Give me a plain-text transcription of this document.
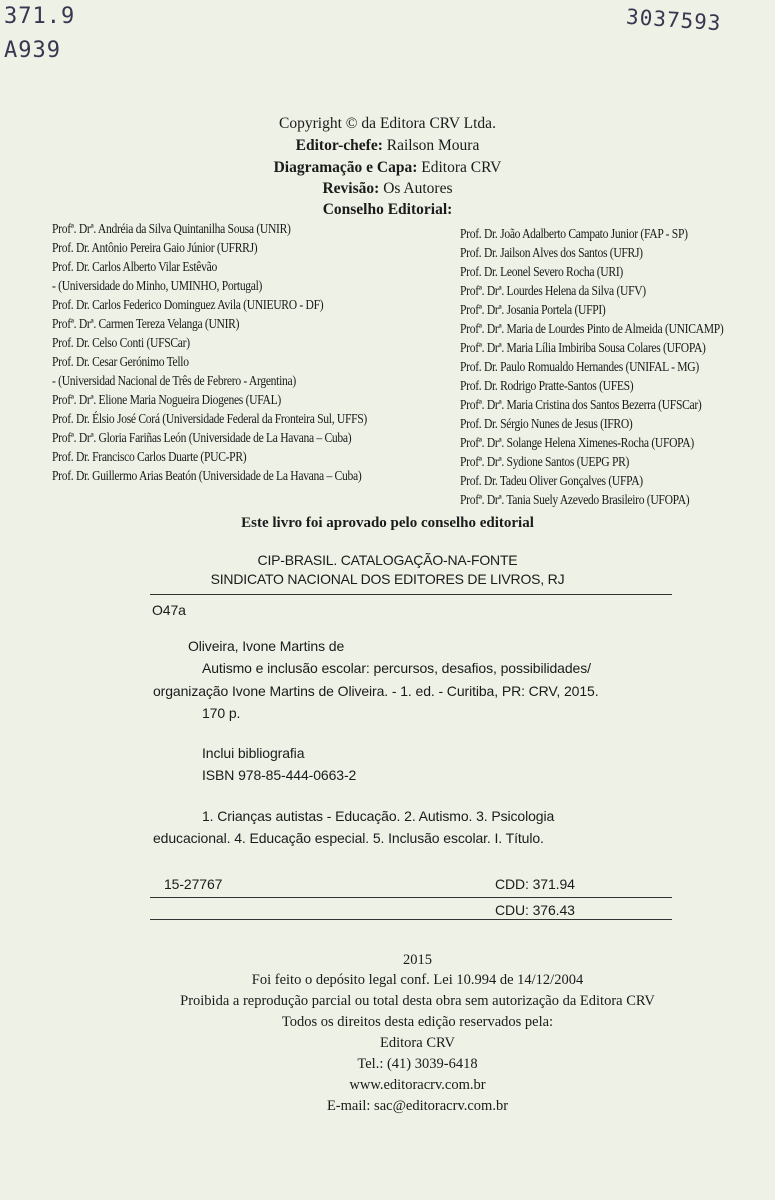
371.9
A939
3037593
Copyright © da Editora CRV Ltda.
Editor-chefe: Railson Moura
Diagramação e Capa: Editora CRV
Revisão: Os Autores
Conselho Editorial:
Profª. Drª. Andréia da Silva Quintanilha Sousa (UNIR)
Prof. Dr. Antônio Pereira Gaio Júnior (UFRRJ)
Prof. Dr. Carlos Alberto Vilar Estêvão
- (Universidade do Minho, UMINHO, Portugal)
Prof. Dr. Carlos Federico Dominguez Avila (UNIEURO - DF)
Profª. Drª. Carmen Tereza Velanga (UNIR)
Prof. Dr. Celso Conti (UFSCar)
Prof. Dr. Cesar Gerónimo Tello
- (Universidad Nacional de Três de Febrero - Argentina)
Profª. Drª. Elione Maria Nogueira Diogenes (UFAL)
Prof. Dr. Élsio José Corá (Universidade Federal da Fronteira Sul, UFFS)
Profª. Drª. Gloria Fariñas León (Universidade de La Havana – Cuba)
Prof. Dr. Francisco Carlos Duarte (PUC-PR)
Prof. Dr. Guillermo Arias Beatón (Universidade de La Havana – Cuba)
Prof. Dr. João Adalberto Campato Junior (FAP - SP)
Prof. Dr. Jailson Alves dos Santos (UFRJ)
Prof. Dr. Leonel Severo Rocha (URI)
Profª. Drª. Lourdes Helena da Silva (UFV)
Profª. Drª. Josania Portela (UFPI)
Profª. Drª. Maria de Lourdes Pinto de Almeida (UNICAMP)
Profª. Drª. Maria Lília Imbiriba Sousa Colares (UFOPA)
Prof. Dr. Paulo Romualdo Hernandes (UNIFAL - MG)
Prof. Dr. Rodrigo Pratte-Santos (UFES)
Profª. Drª. Maria Cristina dos Santos Bezerra (UFSCar)
Prof. Dr. Sérgio Nunes de Jesus (IFRO)
Profª. Drª. Solange Helena Ximenes-Rocha (UFOPA)
Profª. Drª. Sydione Santos (UEPG PR)
Prof. Dr. Tadeu Oliver Gonçalves (UFPA)
Profª. Drª. Tania Suely Azevedo Brasileiro (UFOPA)
Este livro foi aprovado pelo conselho editorial
CIP-BRASIL. CATALOGAÇÃO-NA-FONTE
SINDICATO NACIONAL DOS EDITORES DE LIVROS, RJ
O47a
Oliveira, Ivone Martins de
Autismo e inclusão escolar: percursos, desafios, possibilidades/
organização Ivone Martins de Oliveira. - 1. ed. - Curitiba, PR: CRV, 2015.
170 p.
Inclui bibliografia
ISBN 978-85-444-0663-2
1. Crianças autistas - Educação. 2. Autismo. 3. Psicologia
educacional. 4. Educação especial. 5. Inclusão escolar. I. Título.
15-27767	CDD: 371.94
CDU: 376.43
2015
Foi feito o depósito legal conf. Lei 10.994 de 14/12/2004
Proibida a reprodução parcial ou total desta obra sem autorização da Editora CRV
Todos os direitos desta edição reservados pela:
Editora CRV
Tel.: (41) 3039-6418
www.editoracrv.com.br
E-mail: sac@editoracrv.com.br
